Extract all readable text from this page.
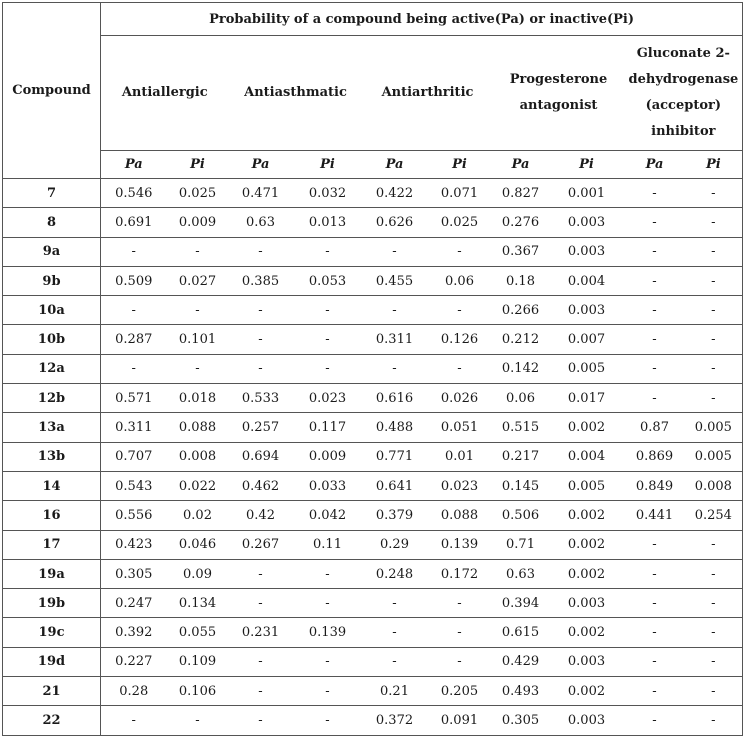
Compound	Probability of a compound being active(Pa) or inactive(Pi)									
	Antiallergic		Antiasthmatic		Antiarthritic		Progesterone antagonist		Gluconate 2-dehydrogenase (acceptor) inhibitor	
	Pa	Pi	Pa	Pi	Pa	Pi	Pa	Pi	Pa	Pi
7	0.546	0.025	0.471	0.032	0.422	0.071	0.827	0.001	-	-
8	0.691	0.009	0.63	0.013	0.626	0.025	0.276	0.003	-	-
9a	-	-	-	-	-	-	0.367	0.003	-	-
9b	0.509	0.027	0.385	0.053	0.455	0.06	0.18	0.004	-	-
10a	-	-	-	-	-	-	0.266	0.003	-	-
10b	0.287	0.101	-	-	0.311	0.126	0.212	0.007	-	-
12a	-	-	-	-	-	-	0.142	0.005	-	-
12b	0.571	0.018	0.533	0.023	0.616	0.026	0.06	0.017	-	-
13a	0.311	0.088	0.257	0.117	0.488	0.051	0.515	0.002	0.87	0.005
13b	0.707	0.008	0.694	0.009	0.771	0.01	0.217	0.004	0.869	0.005
14	0.543	0.022	0.462	0.033	0.641	0.023	0.145	0.005	0.849	0.008
16	0.556	0.02	0.42	0.042	0.379	0.088	0.506	0.002	0.441	0.254
17	0.423	0.046	0.267	0.11	0.29	0.139	0.71	0.002	-	-
19a	0.305	0.09	-	-	0.248	0.172	0.63	0.002	-	-
19b	0.247	0.134	-	-	-	-	0.394	0.003	-	-
19c	0.392	0.055	0.231	0.139	-	-	0.615	0.002	-	-
19d	0.227	0.109	-	-	-	-	0.429	0.003	-	-
21	0.28	0.106	-	-	0.21	0.205	0.493	0.002	-	-
22	-	-	-	-	0.372	0.091	0.305	0.003	-	-
